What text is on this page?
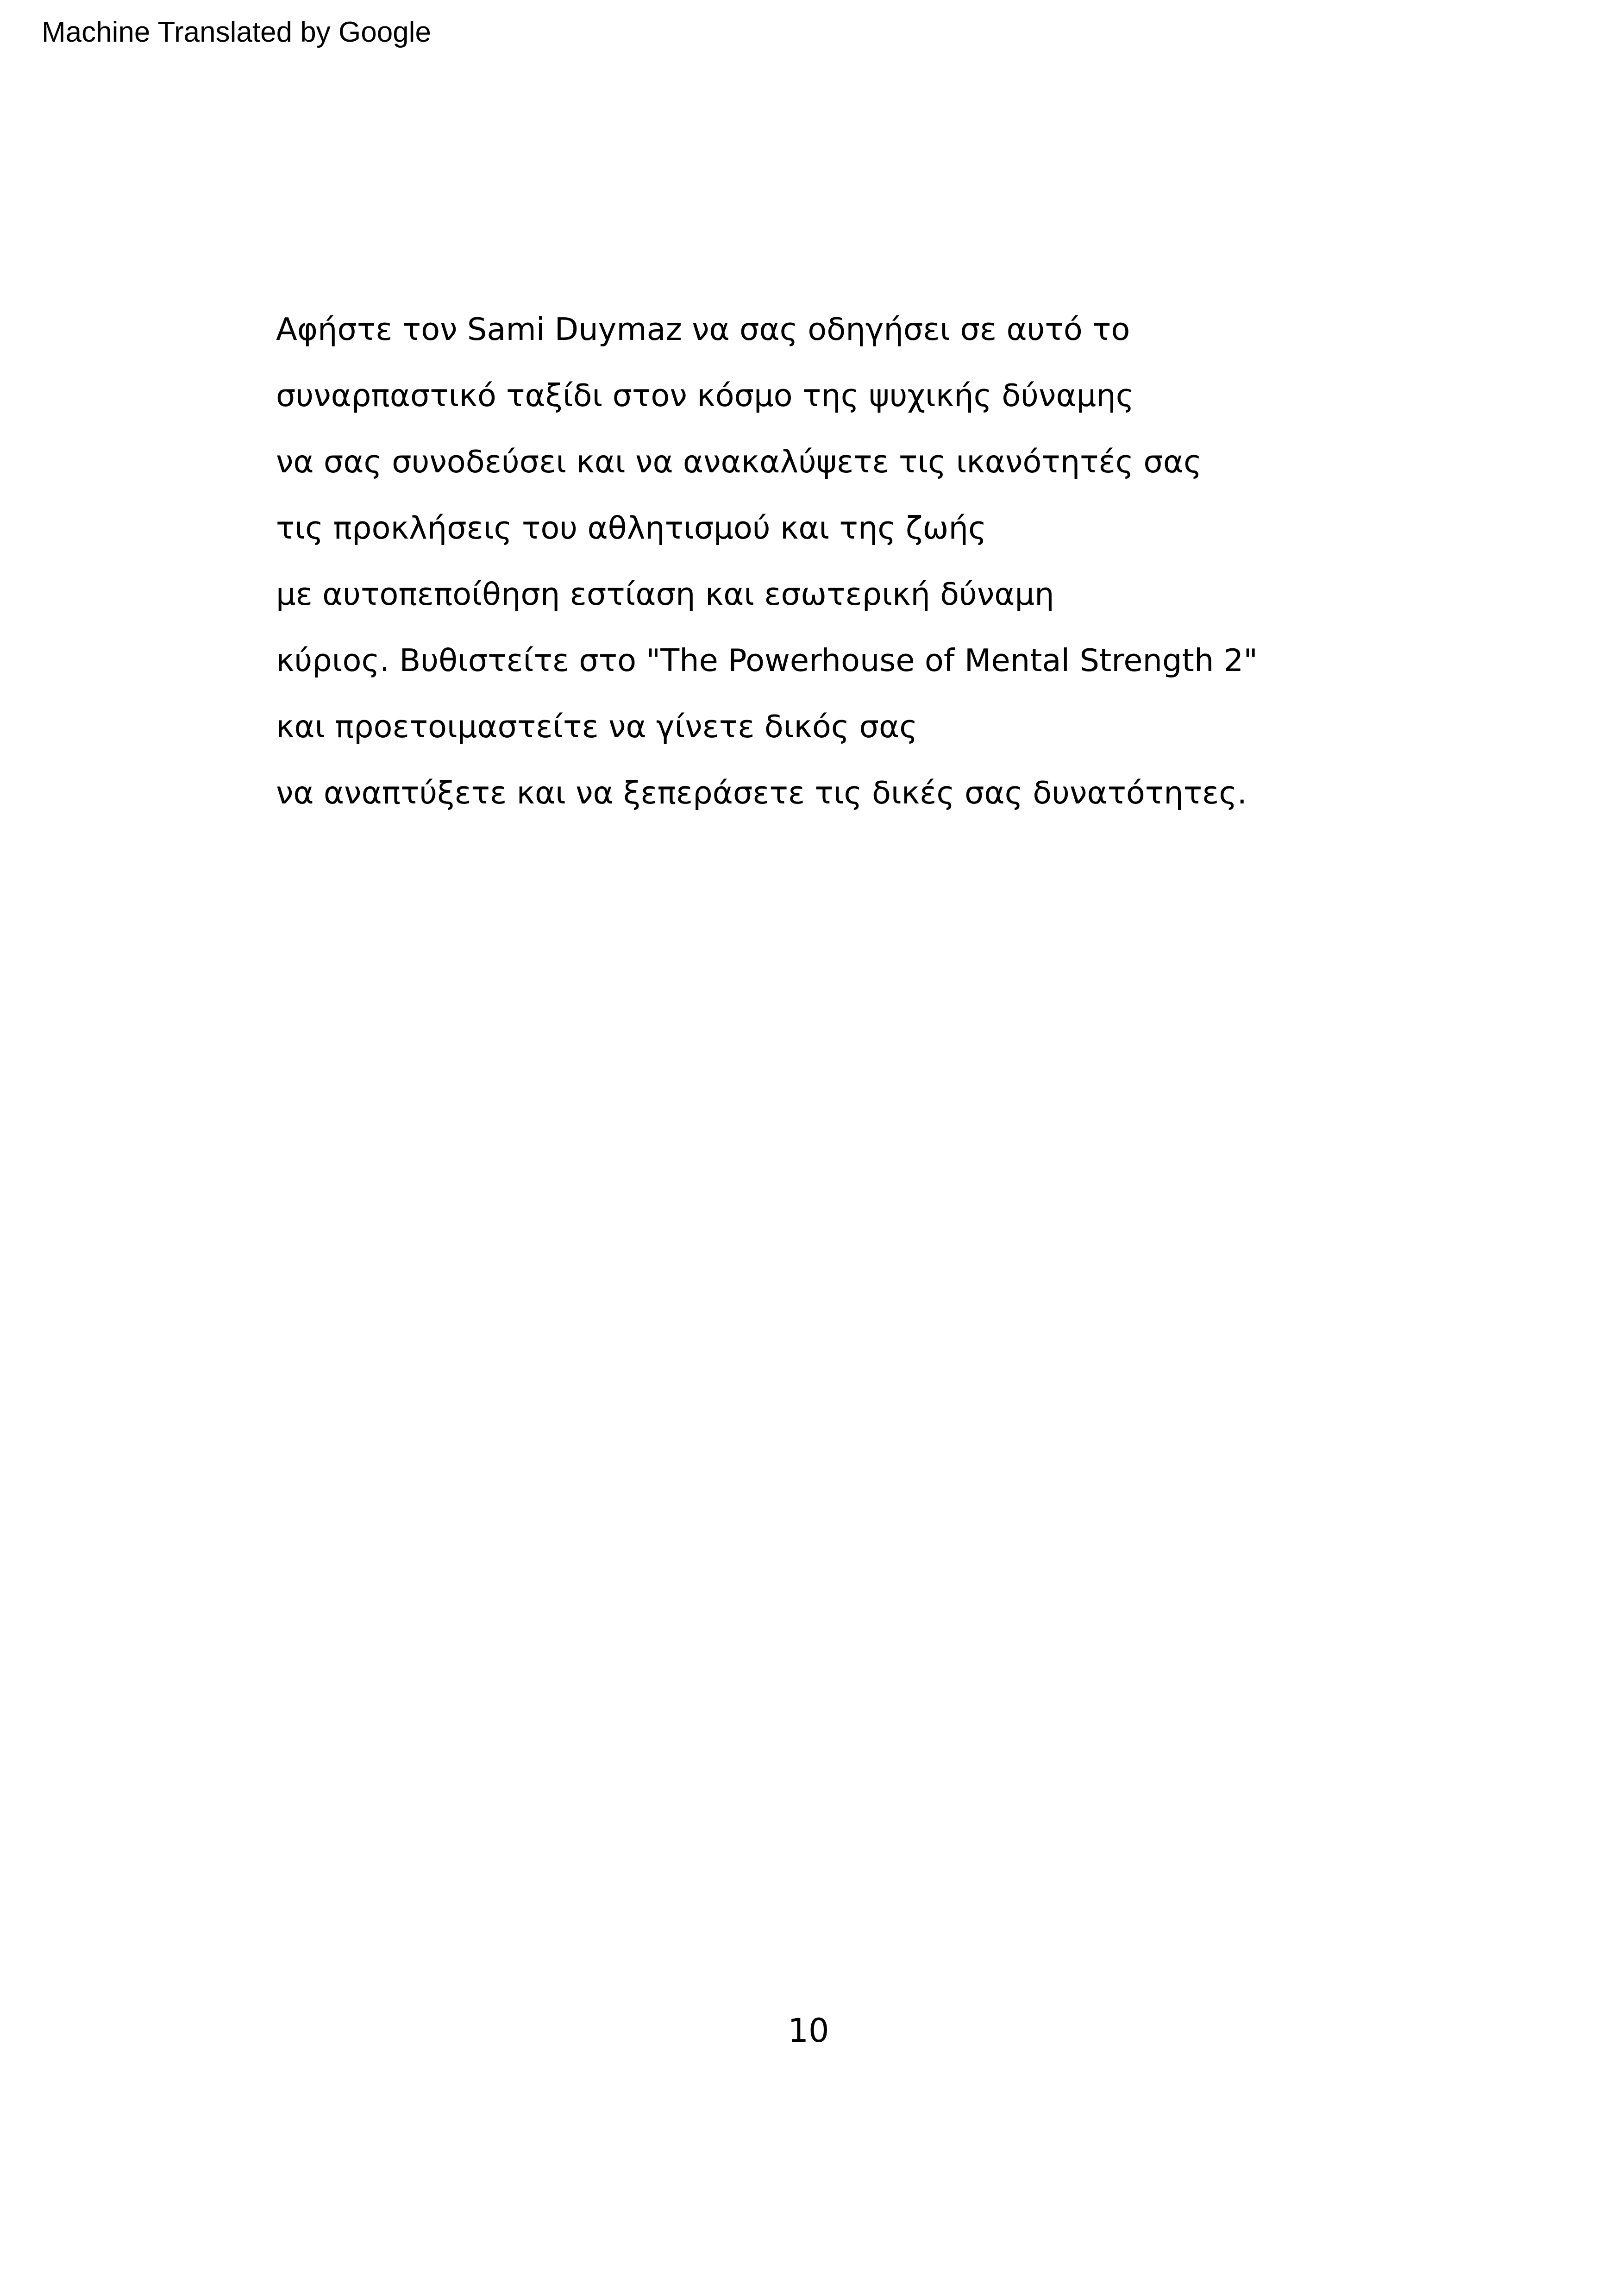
Machine Translated by Google
Αφήστε τον Sami Duymaz να σας οδηγήσει σε αυτό το
συναρπαστικό ταξίδι στον κόσμο της ψυχικής δύναμης
να σας συνοδεύσει και να ανακαλύψετε τις ικανότητές σας
τις προκλήσεις του αθλητισμού και της ζωής
με αυτοπεποίθηση εστίαση και εσωτερική δύναμη
κύριος. Βυθιστείτε στο "The Powerhouse of Mental Strength 2"
και προετοιμαστείτε να γίνετε δικός σας
να αναπτύξετε και να ξεπεράσετε τις δικές σας δυνατότητες.
10
